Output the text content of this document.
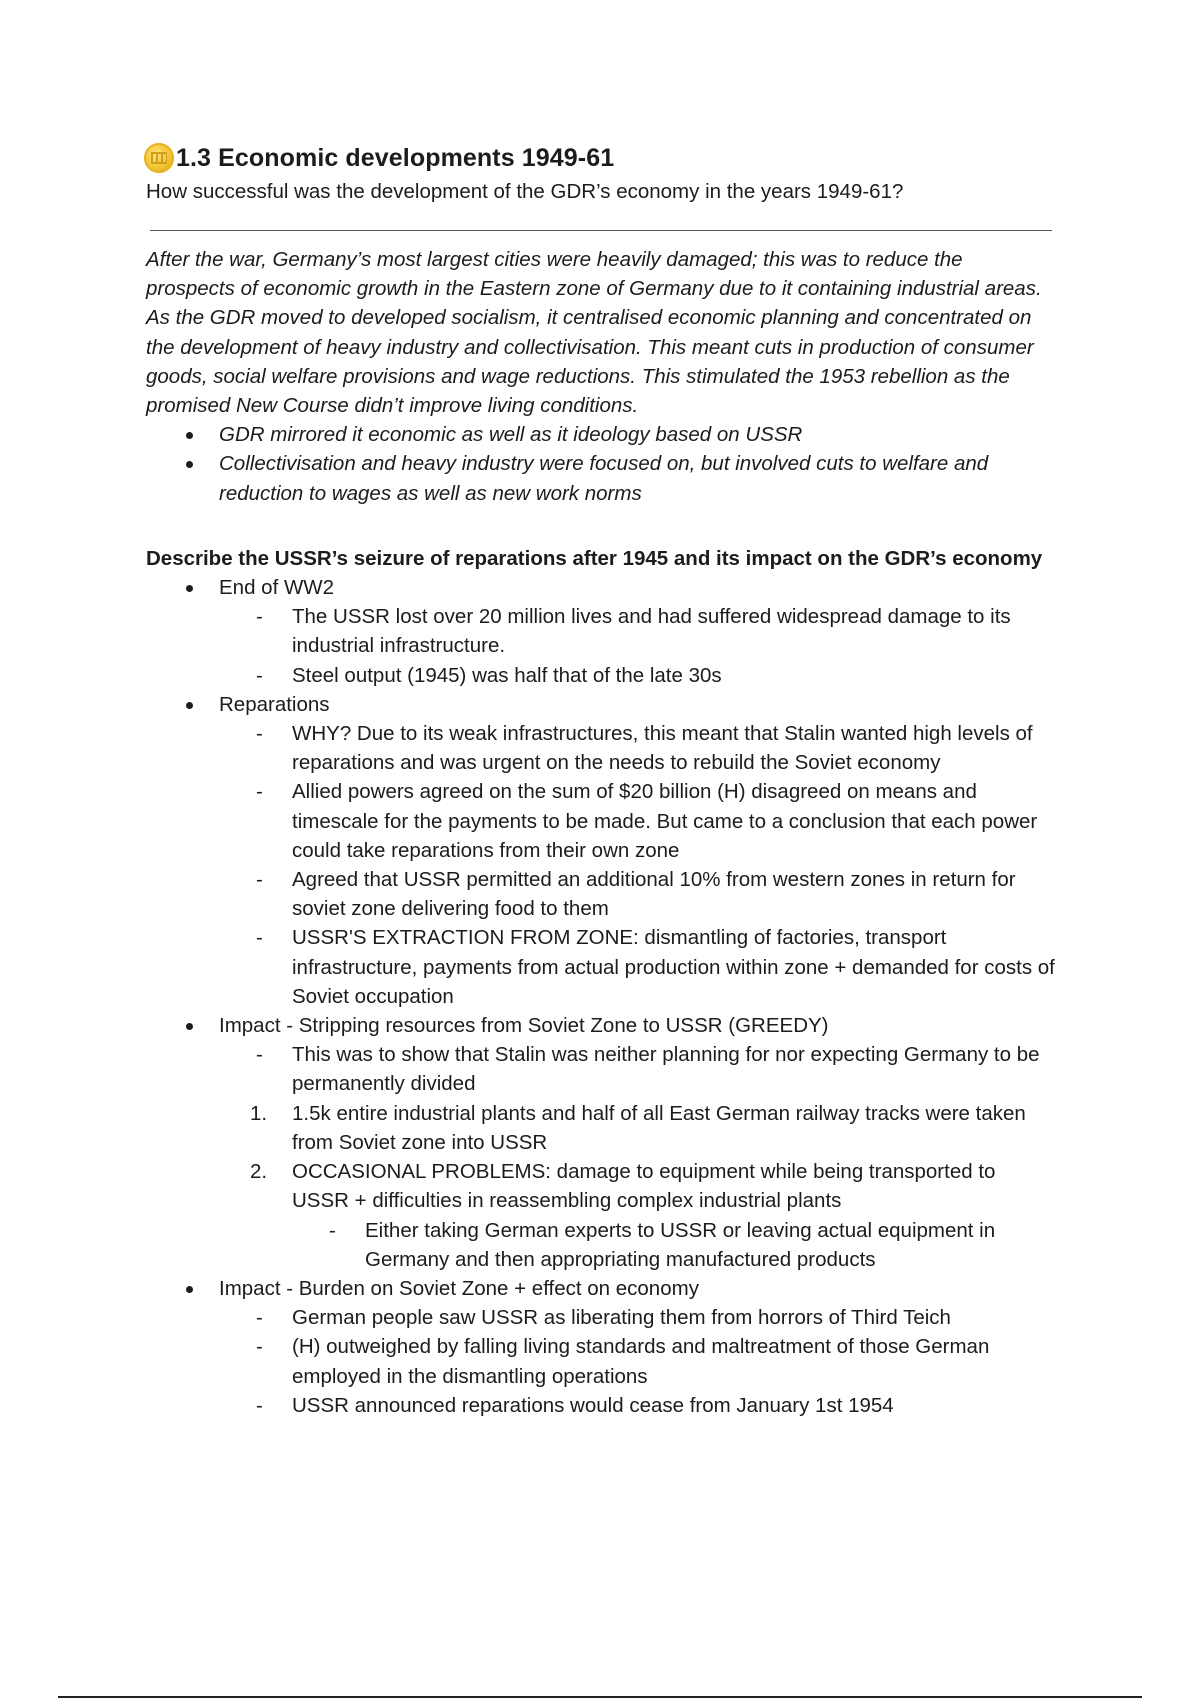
1.3 Economic developments 1949-61
How successful was the development of the GDR’s economy in the years 1949-61?

After the war, Germany’s most largest cities were heavily damaged; this was to reduce the prospects of economic growth in the Eastern zone of Germany due to it containing industrial areas. As the GDR moved to developed socialism, it centralised economic planning and concentrated on the development of heavy industry and collectivisation. This meant cuts in production of consumer goods, social welfare provisions and wage reductions. This stimulated the 1953 rebellion as the promised New Course didn’t improve living conditions.

GDR mirrored it economic as well as it ideology based on USSR
Collectivisation and heavy industry were focused on, but involved cuts to welfare and reduction to wages as well as new work norms
Describe the USSR’s seizure of reparations after 1945 and its impact on the GDR’s economy
End of WW2
- The USSR lost over 20 million lives and had suffered widespread damage to its industrial infrastructure.
- Steel output (1945) was half that of the late 30s
Reparations
- WHY? Due to its weak infrastructures, this meant that Stalin wanted high levels of reparations and was urgent on the needs to rebuild the Soviet economy
- Allied powers agreed on the sum of $20 billion (H) disagreed on means and timescale for the payments to be made. But came to a conclusion that each power could take reparations from their own zone
- Agreed that USSR permitted an additional 10% from western zones in return for soviet zone delivering food to them
- USSR'S EXTRACTION FROM ZONE: dismantling of factories, transport infrastructure, payments from actual production within zone + demanded for costs of Soviet occupation
Impact - Stripping resources from Soviet Zone to USSR (GREEDY)
- This was to show that Stalin was neither planning for nor expecting Germany to be permanently divided
1. 1.5k entire industrial plants and half of all East German railway tracks were taken from Soviet zone into USSR
2. OCCASIONAL PROBLEMS: damage to equipment while being transported to USSR + difficulties in reassembling complex industrial plants
- Either taking German experts to USSR or leaving actual equipment in Germany and then appropriating manufactured products
Impact - Burden on Soviet Zone + effect on economy
- German people saw USSR as liberating them from horrors of Third Teich
- (H) outweighed by falling living standards and maltreatment of those German employed in the dismantling operations
- USSR announced reparations would cease from January 1st 1954
